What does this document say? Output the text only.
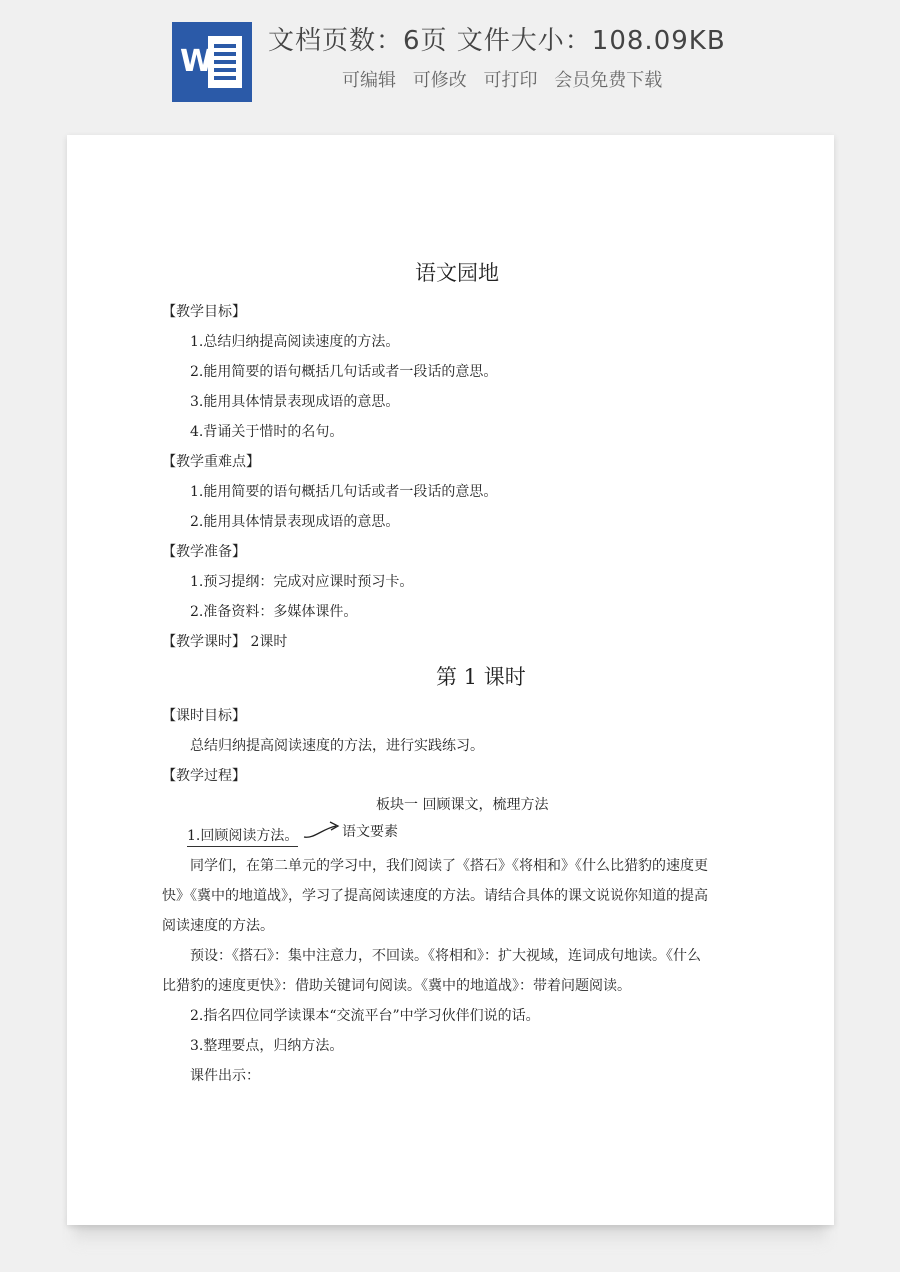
W
文档页数：6页 文件大小：108.09KB
可编辑 可修改 可打印 会员免费下载
语文园地
【教学目标】
1.总结归纳提高阅读速度的方法。
2.能用简要的语句概括几句话或者一段话的意思。
3.能用具体情景表现成语的意思。
4.背诵关于惜时的名句。
【教学重难点】
1.能用简要的语句概括几句话或者一段话的意思。
2.能用具体情景表现成语的意思。
【教学准备】
1.预习提纲：完成对应课时预习卡。
2.准备资料：多媒体课件。
【教学课时】 2课时
第 1 课时
【课时目标】
总结归纳提高阅读速度的方法，进行实践练习。
【教学过程】
板块一 回顾课文，梳理方法
1.回顾阅读方法。	语文要素
同学们，在第二单元的学习中，我们阅读了《搭石》《将相和》《什么比猎豹的速度更
快》《冀中的地道战》，学习了提高阅读速度的方法。请结合具体的课文说说你知道的提高
阅读速度的方法。
预设：《搭石》：集中注意力，不回读。《将相和》：扩大视域，连词成句地读。《什么
比猎豹的速度更快》：借助关键词句阅读。《冀中的地道战》：带着问题阅读。
2.指名四位同学读课本“交流平台”中学习伙伴们说的话。
3.整理要点，归纳方法。
课件出示：
